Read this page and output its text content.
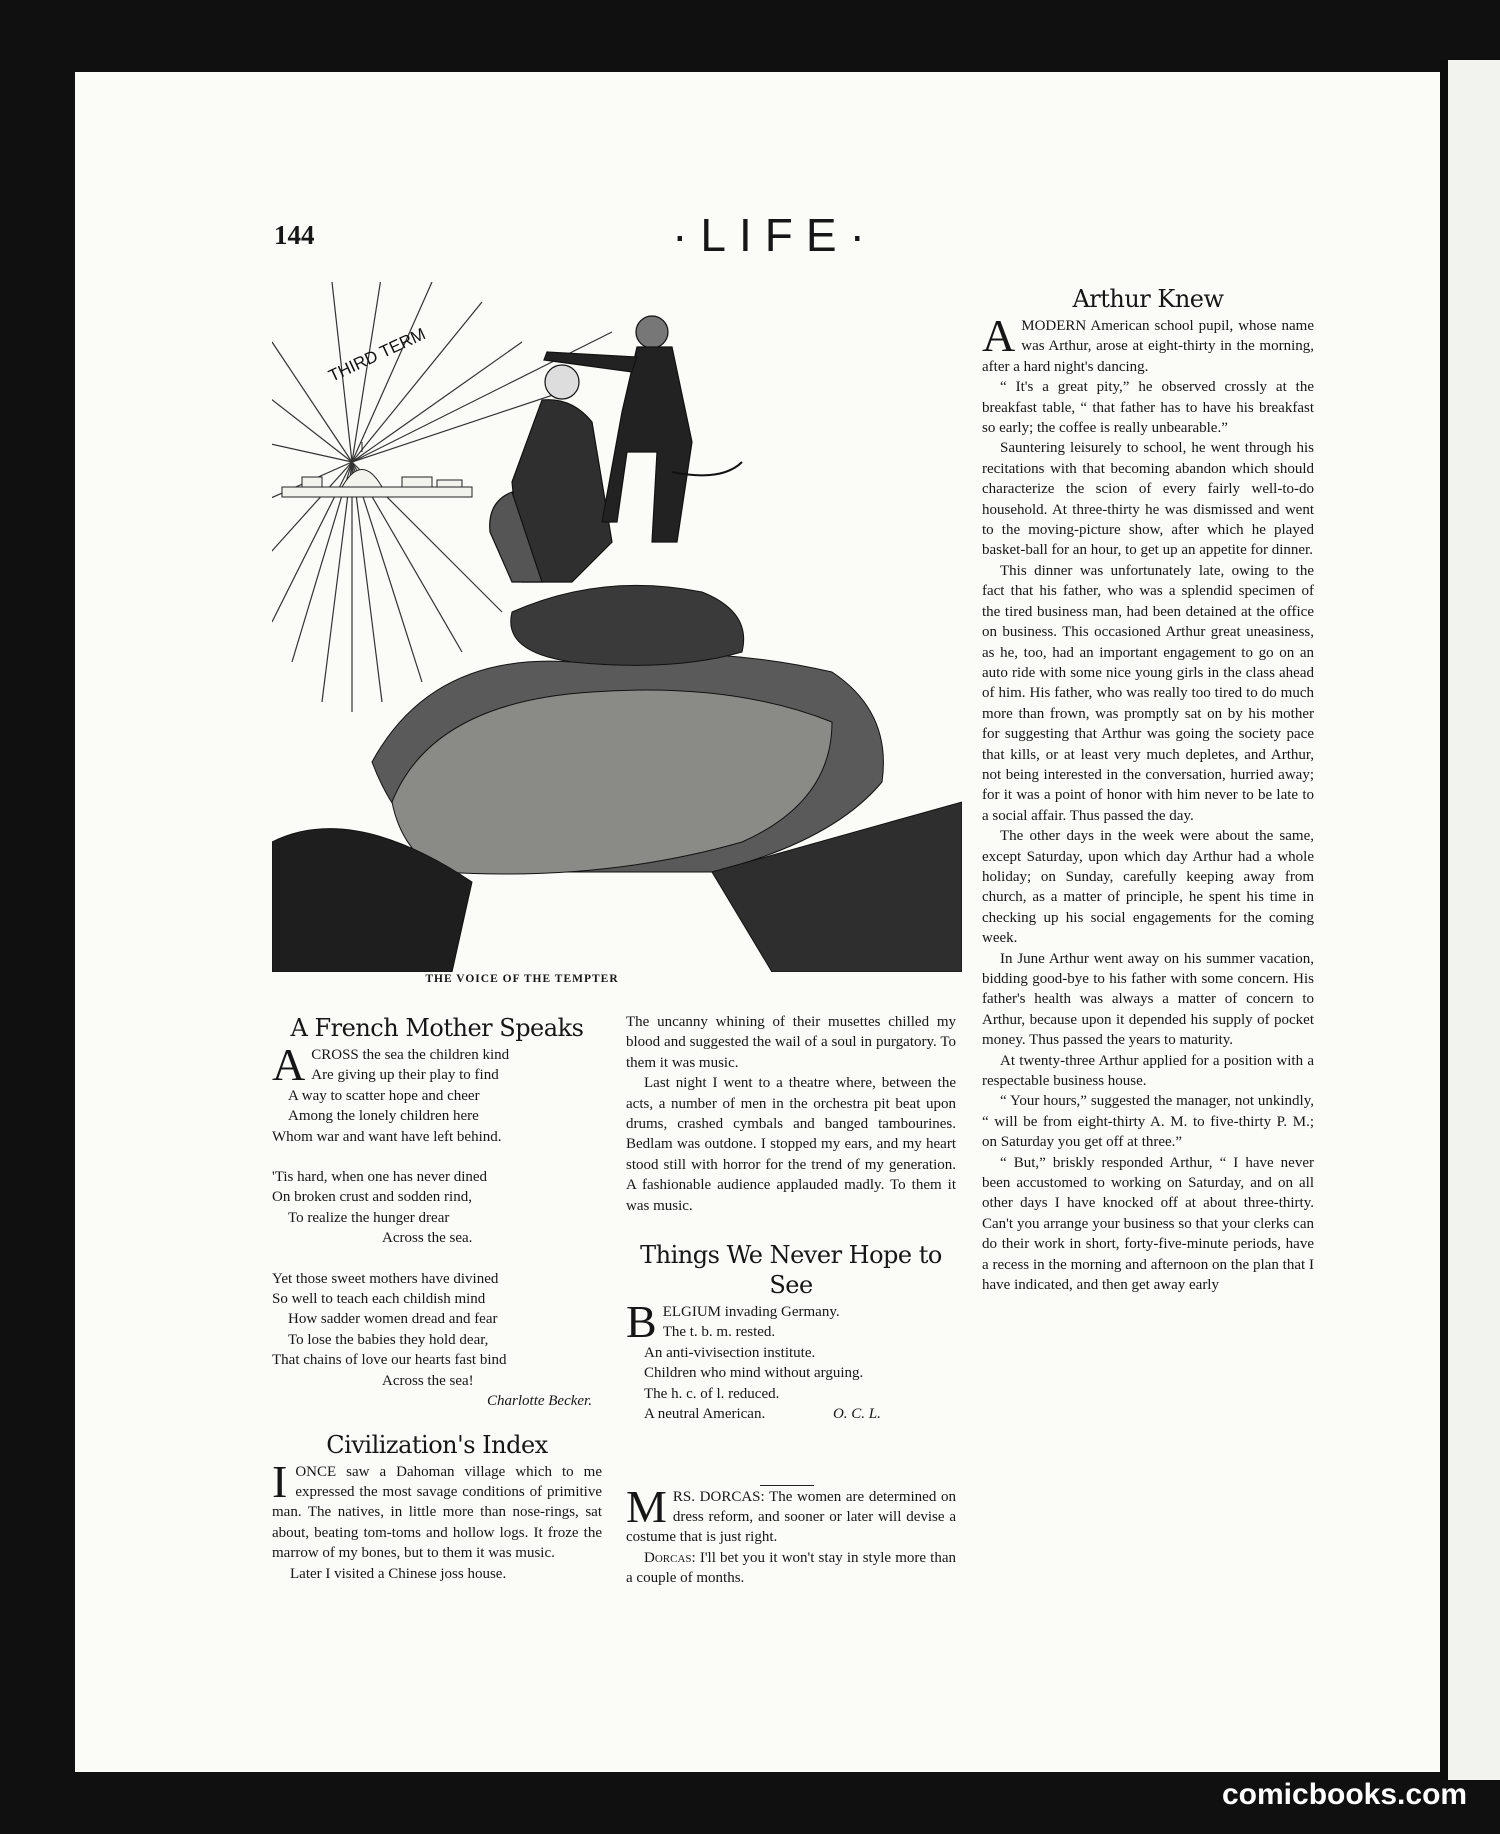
144	·LIFE·
THIRD TERM
THE VOICE OF THE TEMPTER
A French Mother Speaks
A CROSS the sea the children kind
Are giving up their play to find
A way to scatter hope and cheer
Among the lonely children here
Whom war and want have left behind.
'Tis hard, when one has never dined
On broken crust and sodden rind,
To realize the hunger drear
Across the sea.
Yet those sweet mothers have divined
So well to teach each childish mind
How sadder women dread and fear
To lose the babies they hold dear,
That chains of love our hearts fast bind
Across the sea!
Charlotte Becker.
Civilization's Index
I ONCE saw a Dahoman village which to me expressed the most savage conditions of primitive man. The natives, in little more than nose-rings, sat about, beating tom-toms and hollow logs. It froze the marrow of my bones, but to them it was music.

Later I visited a Chinese joss house.

The uncanny whining of their musettes chilled my blood and suggested the wail of a soul in purgatory. To them it was music.

Last night I went to a theatre where, between the acts, a number of men in the orchestra pit beat upon drums, crashed cymbals and banged tambourines. Bedlam was outdone. I stopped my ears, and my heart stood still with horror for the trend of my generation. A fashionable audience applauded madly. To them it was music.

Things We Never Hope to See
B ELGIUM invading Germany.
The t. b. m. rested.
An anti-vivisection institute.
Children who mind without arguing.
The h. c. of l. reduced.
A neutral American.	O. C. L.
M RS. DORCAS: The women are determined on dress reform, and sooner or later will devise a costume that is just right.

Dorcas: I'll bet you it won't stay in style more than a couple of months.

Arthur Knew
A MODERN American school pupil, whose name was Arthur, arose at eight-thirty in the morning, after a hard night's dancing.

“ It's a great pity,” he observed crossly at the breakfast table, “ that father has to have his breakfast so early; the coffee is really unbearable.”

Sauntering leisurely to school, he went through his recitations with that becoming abandon which should characterize the scion of every fairly well-to-do household. At three-thirty he was dismissed and went to the moving-picture show, after which he played basket-ball for an hour, to get up an appetite for dinner.

This dinner was unfortunately late, owing to the fact that his father, who was a splendid specimen of the tired business man, had been detained at the office on business. This occasioned Arthur great uneasiness, as he, too, had an important engagement to go on an auto ride with some nice young girls in the class ahead of him. His father, who was really too tired to do much more than frown, was promptly sat on by his mother for suggesting that Arthur was going the society pace that kills, or at least very much depletes, and Arthur, not being interested in the conversation, hurried away; for it was a point of honor with him never to be late to a social affair. Thus passed the day.

The other days in the week were about the same, except Saturday, upon which day Arthur had a whole holiday; on Sunday, carefully keeping away from church, as a matter of principle, he spent his time in checking up his social engagements for the coming week.

In June Arthur went away on his summer vacation, bidding good-bye to his father with some concern. His father's health was always a matter of concern to Arthur, because upon it depended his supply of pocket money. Thus passed the years to maturity.

At twenty-three Arthur applied for a position with a respectable business house.

“ Your hours,” suggested the manager, not unkindly, “ will be from eight-thirty A. M. to five-thirty P. M.; on Saturday you get off at three.”

“ But,” briskly responded Arthur, “ I have never been accustomed to working on Saturday, and on all other days I have knocked off at about three-thirty. Can't you arrange your business so that your clerks can do their work in short, forty-five-minute periods, have a recess in the morning and afternoon on the plan that I have indicated, and then get away early

comicbooks.com
